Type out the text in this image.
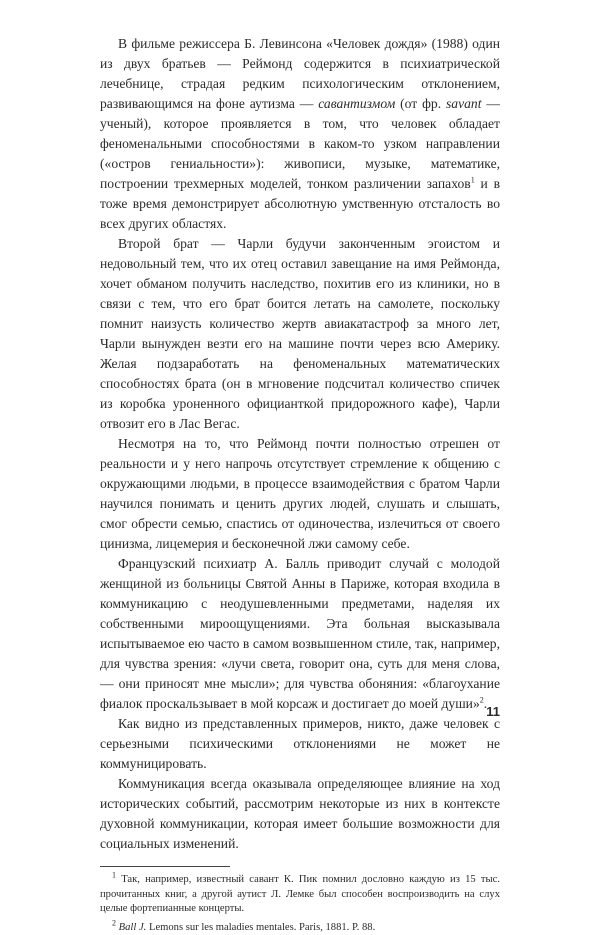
В фильме режиссера Б. Левинсона «Человек дождя» (1988) один из двух братьев — Реймонд содержится в психиатрической лечебнице, страдая редким психологическим отклонением, развивающимся на фоне аутизма — савантизмом (от фр. savant — ученый), которое проявляется в том, что человек обладает феноменальными способностями в каком-то узком направлении («остров гениальности»): живописи, музыке, математике, построении трехмерных моделей, тонком различении запахов$^1$ и в тоже время демонстрирует абсолютную умственную отсталость во всех других областях.

Второй брат — Чарли будучи законченным эгоистом и недовольный тем, что их отец оставил завещание на имя Реймонда, хочет обманом получить наследство, похитив его из клиники, но в связи с тем, что его брат боится летать на самолете, поскольку помнит наизусть количество жертв авиакатастроф за много лет, Чарли вынужден везти его на машине почти через всю Америку. Желая подзаработать на феноменальных математических способностях брата (он в мгновение подсчитал количество спичек из коробка уроненного официанткой придорожного кафе), Чарли отвозит его в Лас Вегас.

Несмотря на то, что Реймонд почти полностью отрешен от реальности и у него напрочь отсутствует стремление к общению с окружающими людьми, в процессе взаимодействия с братом Чарли научился понимать и ценить других людей, слушать и слышать, смог обрести семью, спастись от одиночества, излечиться от своего цинизма, лицемерия и бесконечной лжи самому себе.

Французский психиатр А. Балль приводит случай с молодой женщиной из больницы Святой Анны в Париже, которая входила в коммуникацию с неодушевленными предметами, наделяя их собственными мироощущениями. Эта больная высказывала испытываемое ею часто в самом возвышенном стиле, так, например, для чувства зрения: «лучи света, говорит она, суть для меня слова, — они приносят мне мысли»; для чувства обоняния: «благоухание фиалок проскальзывает в мой корсаж и достигает до моей души»$^2$.

Как видно из представленных примеров, никто, даже человек с серьезными психическими отклонениями не может не коммуницировать.

Коммуникация всегда оказывала определяющее влияние на ход исторических событий, рассмотрим некоторые из них в контексте духовной коммуникации, которая имеет большие возможности для социальных изменений.

$^1$ Так, например, известный савант К. Пик помнил дословно каждую из 15 тыс. прочитанных книг, а другой аутист Л. Лемке был способен воспроизводить на слух целые фортепианные концерты.

$^2$ Ball J. Lemons sur les maladies mentales. Paris, 1881. P. 88.

11
